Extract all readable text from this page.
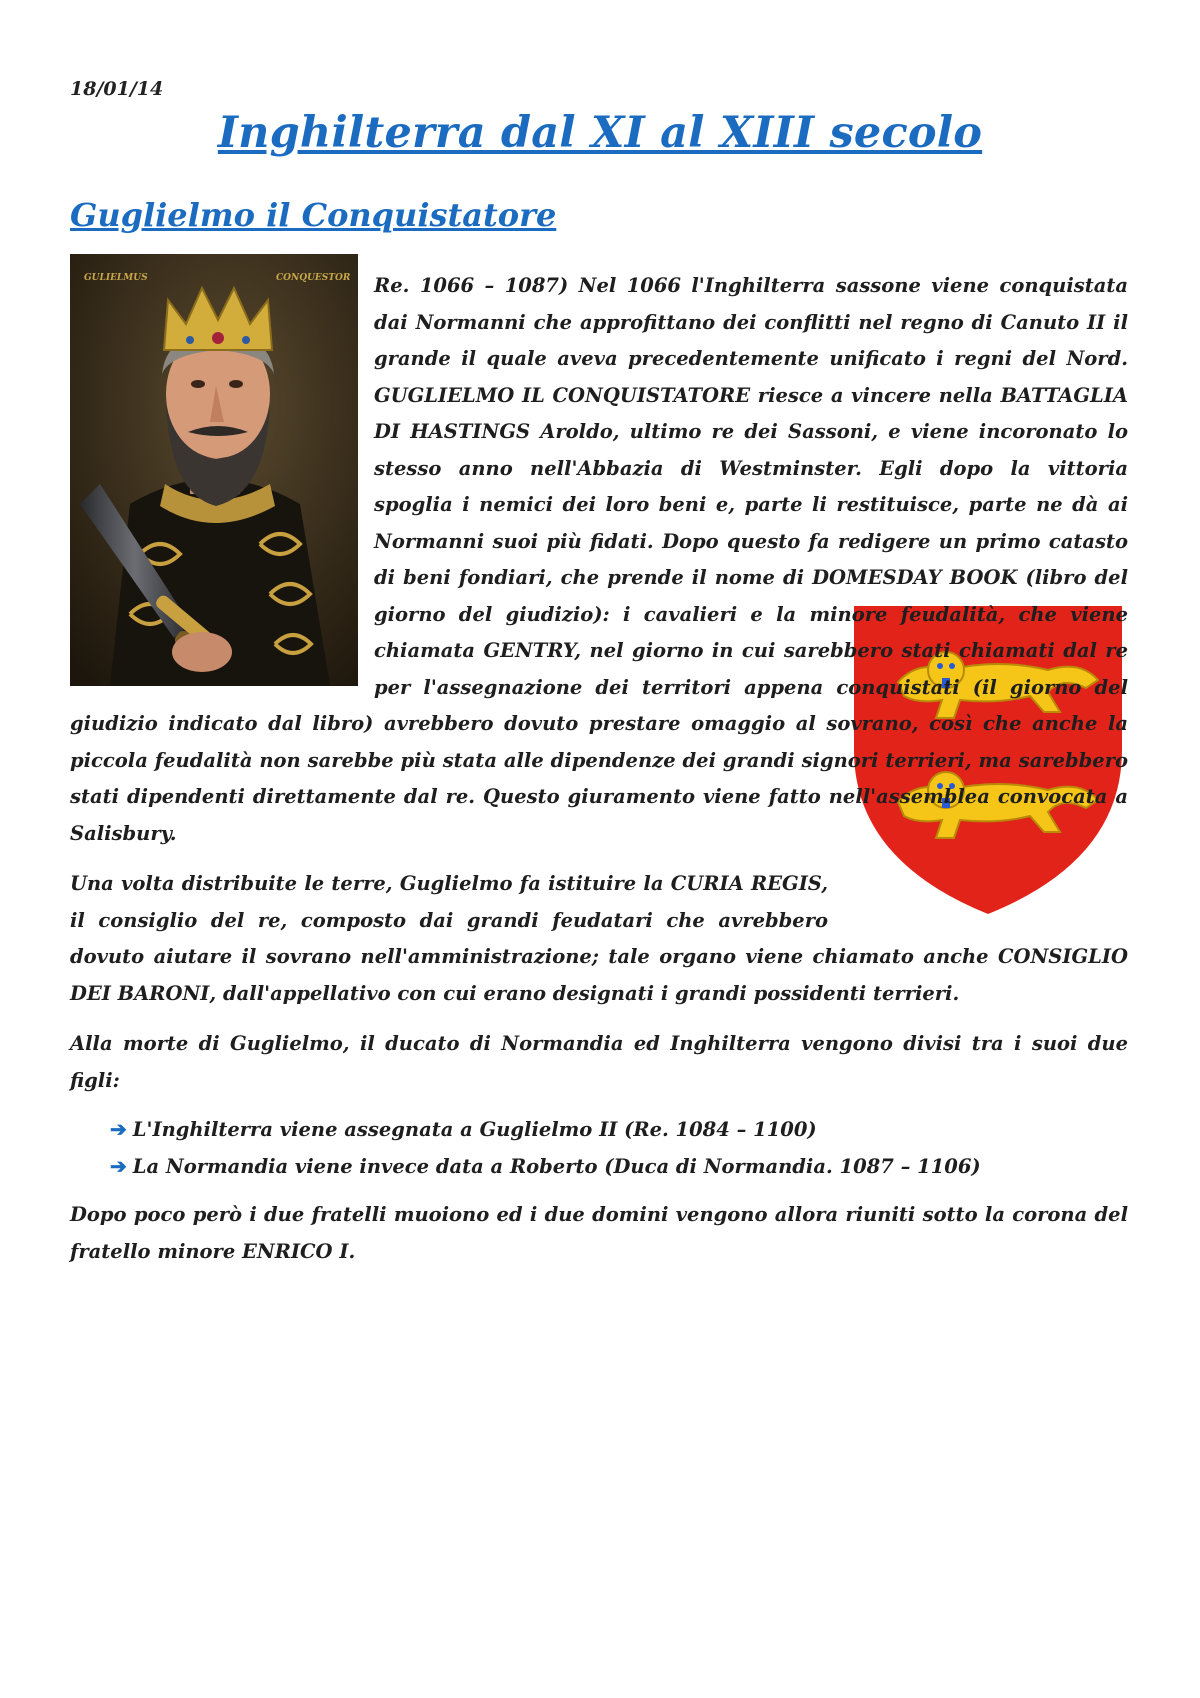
18/01/14
Inghilterra dal XI al XIII secolo
Guglielmo il Conquistatore
GULIELMUS	CONQUESTOR	Re. 1066 – 1087) Nel 1066 l'Inghilterra sassone viene conquistata dai Normanni che approfittano dei conflitti nel regno di Canuto II il grande il quale aveva precedentemente unificato i regni del Nord. GUGLIELMO IL CONQUISTATORE riesce a vincere nella BATTAGLIA DI HASTINGS Aroldo, ultimo re dei Sassoni, e viene incoronato lo stesso anno nell'Abbazia di Westminster. Egli dopo la vittoria spoglia i nemici dei loro beni e, parte li restituisce, parte ne dà ai Normanni suoi più fidati. Dopo questo fa redigere un primo catasto di beni fondiari, che prende il nome di DOMESDAY BOOK (libro del giorno del giudizio): i cavalieri e la minore feudalità, che viene chiamata GENTRY, nel giorno in cui sarebbero stati chiamati dal re per l'assegnazione dei territori appena conquistati (il giorno del giudizio indicato dal libro) avrebbero dovuto prestare omaggio al sovrano, così che anche la piccola feudalità non sarebbe più stata alle dipendenze dei grandi signori terrieri, ma sarebbero stati dipendenti direttamente dal re. Questo giuramento viene fatto nell'assemblea convocata a Salisbury.

Una volta distribuite le terre, Guglielmo fa istituire la CURIA REGIS, il consiglio del re, composto dai grandi feudatari che avrebbero dovuto aiutare il sovrano nell'amministrazione; tale organo viene chiamato anche CONSIGLIO DEI BARONI, dall'appellativo con cui erano designati i grandi possidenti terrieri.

Alla morte di Guglielmo, il ducato di Normandia ed Inghilterra vengono divisi tra i suoi due figli:

➔ L'Inghilterra viene assegnata a Guglielmo II (Re. 1084 – 1100)
➔ La Normandia viene invece data a Roberto (Duca di Normandia. 1087 – 1106)

Dopo poco però i due fratelli muoiono ed i due domini vengono allora riuniti sotto la corona del fratello minore ENRICO I.
